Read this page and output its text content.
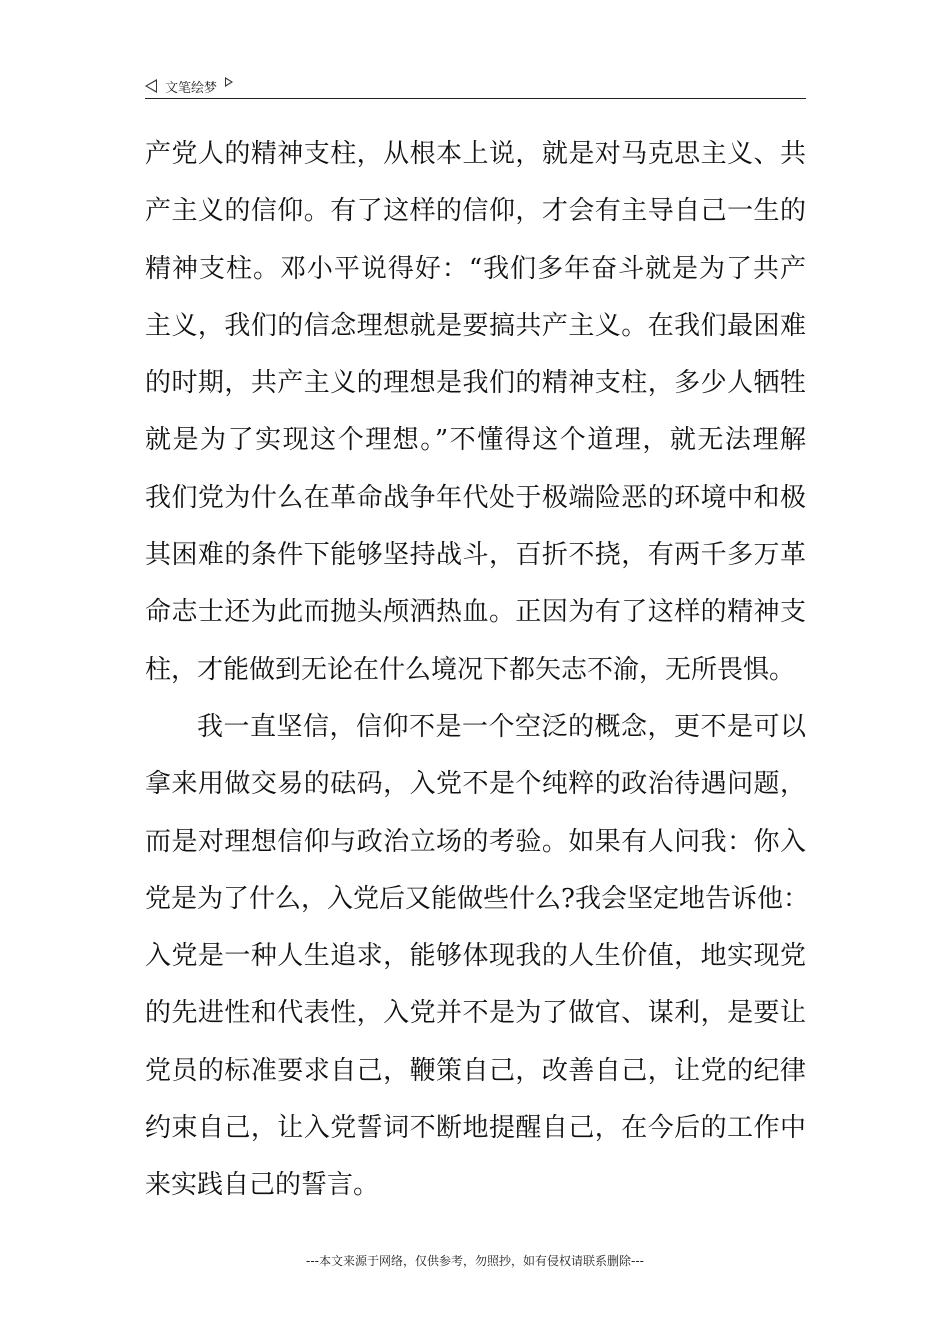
文笔绘梦
产党人的精神支柱，从根本上说，就是对马克思主义、共
产主义的信仰。有了这样的信仰，才会有主导自己一生的
精神支柱。邓小平说得好：“我们多年奋斗就是为了共产
主义，我们的信念理想就是要搞共产主义。在我们最困难
的时期，共产主义的理想是我们的精神支柱，多少人牺牲
就是为了实现这个理想。”不懂得这个道理，就无法理解
我们党为什么在革命战争年代处于极端险恶的环境中和极
其困难的条件下能够坚持战斗，百折不挠，有两千多万革
命志士还为此而抛头颅洒热血。正因为有了这样的精神支
柱，才能做到无论在什么境况下都矢志不渝，无所畏惧。
我一直坚信，信仰不是一个空泛的概念，更不是可以
拿来用做交易的砝码，入党不是个纯粹的政治待遇问题，
而是对理想信仰与政治立场的考验。如果有人问我：你入
党是为了什么，入党后又能做些什么?我会坚定地告诉他：
入党是一种人生追求，能够体现我的人生价值，地实现党
的先进性和代表性，入党并不是为了做官、谋利，是要让
党员的标准要求自己，鞭策自己，改善自己，让党的纪律
约束自己，让入党誓词不断地提醒自己，在今后的工作中
来实践自己的誓言。
---本文来源于网络，仅供参考，勿照抄，如有侵权请联系删除---
